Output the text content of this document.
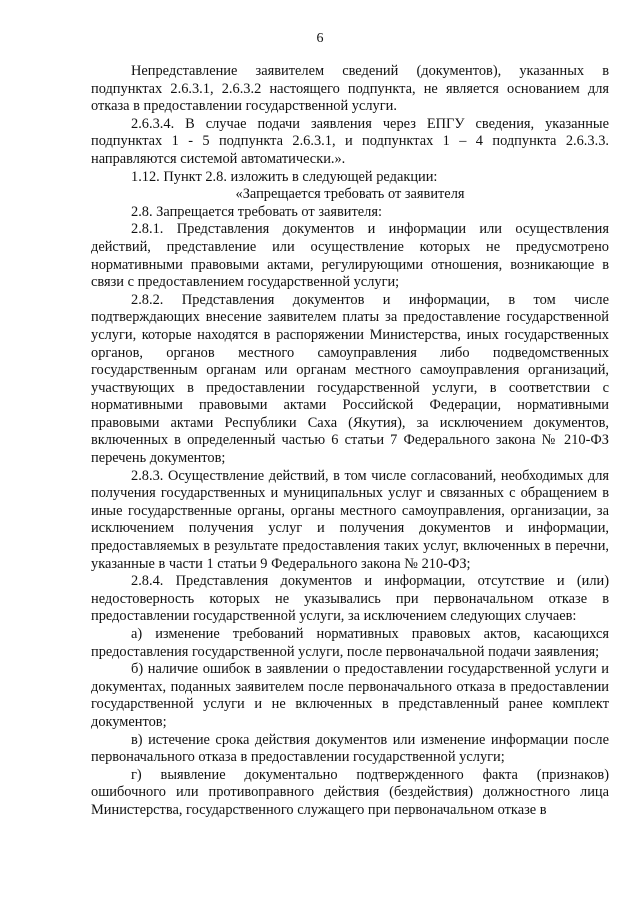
6

Непредставление заявителем сведений (документов), указанных в подпунктах 2.6.3.1, 2.6.3.2 настоящего подпункта, не является основанием для отказа в предоставлении государственной услуги.

2.6.3.4. В случае подачи заявления через ЕПГУ сведения, указанные подпунктах 1 - 5 подпункта 2.6.3.1, и подпунктах 1 – 4 подпункта 2.6.3.3. направляются системой автоматически.».

1.12. Пункт 2.8. изложить в следующей редакции:

«Запрещается требовать от заявителя

2.8. Запрещается требовать от заявителя:

2.8.1. Представления документов и информации или осуществления действий, представление или осуществление которых не предусмотрено нормативными правовыми актами, регулирующими отношения, возникающие в связи с предоставлением государственной услуги;

2.8.2. Представления документов и информации, в том числе подтверждающих внесение заявителем платы за предоставление государственной услуги, которые находятся в распоряжении Министерства, иных государственных органов, органов местного самоуправления либо подведомственных государственным органам или органам местного самоуправления организаций, участвующих в предоставлении государственной услуги, в соответствии с нормативными правовыми актами Российской Федерации, нормативными правовыми актами Республики Саха (Якутия), за исключением документов, включенных в определенный частью 6 статьи 7 Федерального закона № 210-ФЗ перечень документов;

2.8.3. Осуществление действий, в том числе согласований, необходимых для получения государственных и муниципальных услуг и связанных с обращением в иные государственные органы, органы местного самоуправления, организации, за исключением получения услуг и получения документов и информации, предоставляемых в результате предоставления таких услуг, включенных в перечни, указанные в части 1 статьи 9 Федерального закона № 210-ФЗ;

2.8.4. Представления документов и информации, отсутствие и (или) недостоверность которых не указывались при первоначальном отказе в предоставлении государственной услуги, за исключением следующих случаев:

а) изменение требований нормативных правовых актов, касающихся предоставления государственной услуги, после первоначальной подачи заявления;

б) наличие ошибок в заявлении о предоставлении государственной услуги и документах, поданных заявителем после первоначального отказа в предоставлении государственной услуги и не включенных в представленный ранее комплект документов;

в) истечение срока действия документов или изменение информации после первоначального отказа в предоставлении государственной услуги;

г) выявление документально подтвержденного факта (признаков) ошибочного или противоправного действия (бездействия) должностного лица Министерства, государственного служащего при первоначальном отказе в
